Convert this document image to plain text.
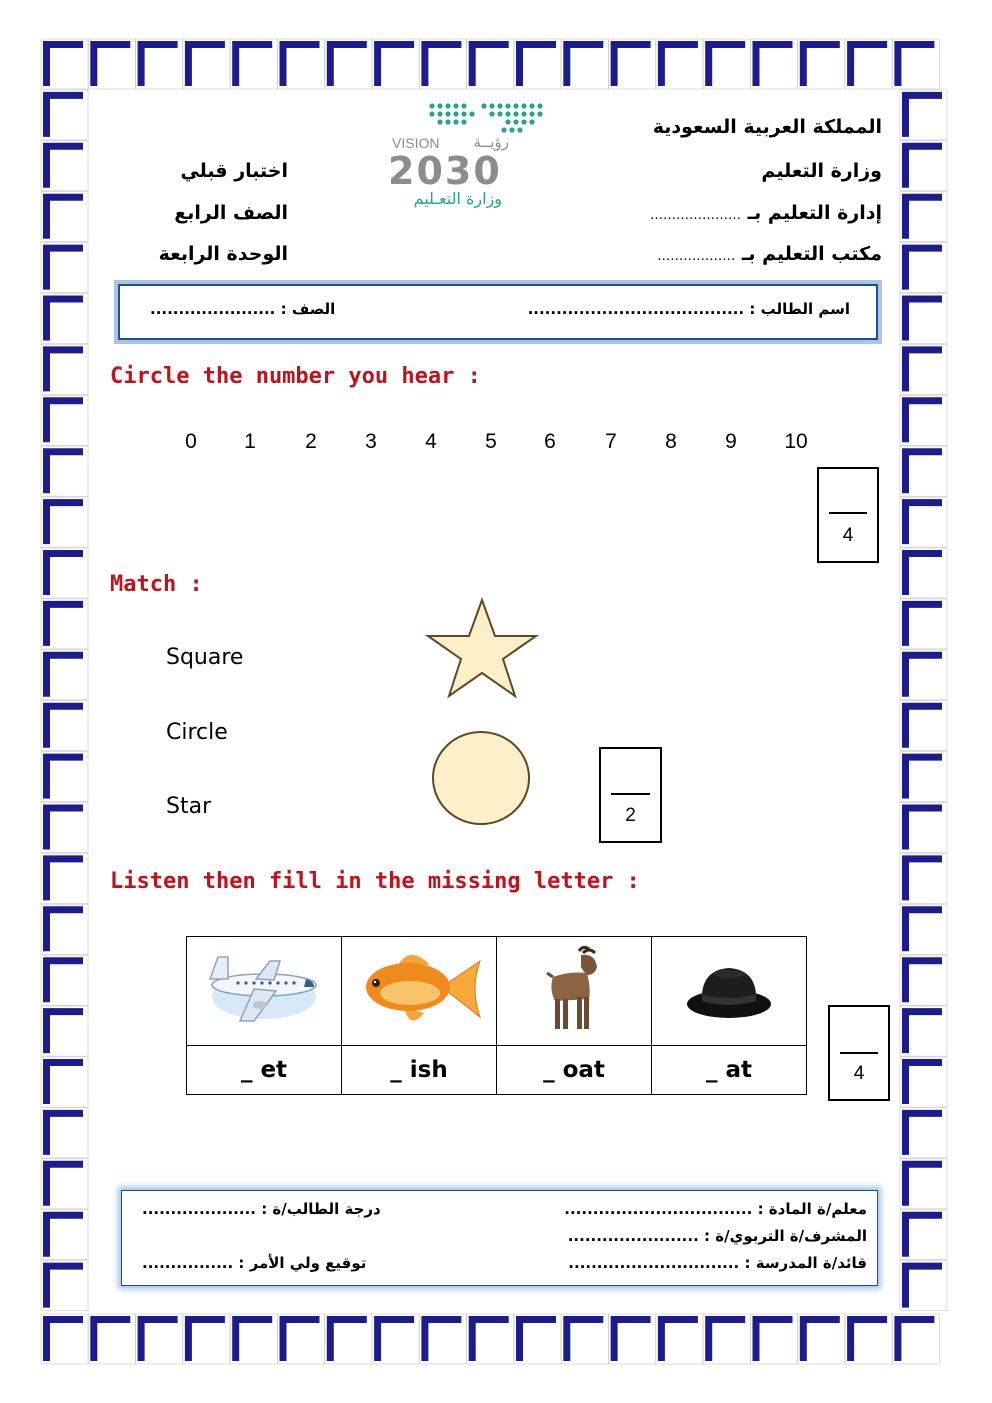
المملكة العربية السعودية
وزارة التعليم
إدارة التعليم بـ …………………
مكتب التعليم بـ ………………
اختبار قبلي
الصف الرابع
الوحدة الرابعة
VISION رؤيــة
2030
وزارة التعـليم
اسم الطالب : ......................................
الصف : ......................
Circle the number you hear :
0	1	2	3	4	5	6	7	8	9	10
4
Match :
Square
Circle
Star	2
Listen then fill in the missing letter :

_ et	_ ish	_ oat	_ at	4
معلم/ة المادة : .................................
المشرف/ة التربوي/ة : .......................
قائد/ة المدرسة : ..............................
درجة الطالب/ة : ....................
توقيع ولي الأمر : ................
